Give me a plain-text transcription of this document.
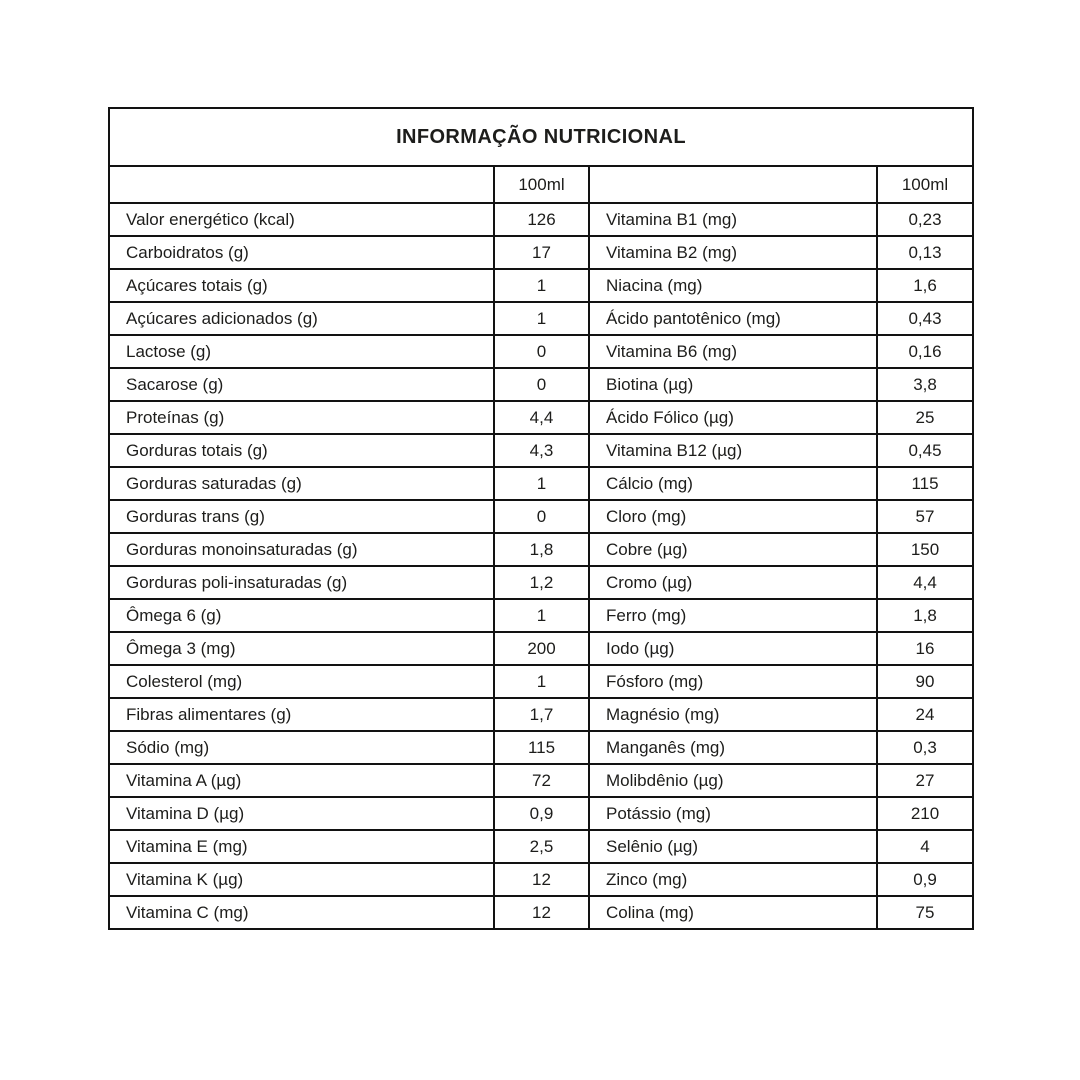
INFORMAÇÃO NUTRICIONAL			
	100ml		100ml
Valor energético (kcal)	126	Vitamina B1 (mg)	0,23
Carboidratos (g)	17	Vitamina B2 (mg)	0,13
Açúcares totais (g)	1	Niacina (mg)	1,6
Açúcares adicionados (g)	1	Ácido pantotênico (mg)	0,43
Lactose (g)	0	Vitamina B6 (mg)	0,16
Sacarose (g)	0	Biotina (µg)	3,8
Proteínas (g)	4,4	Ácido Fólico (µg)	25
Gorduras totais (g)	4,3	Vitamina B12 (µg)	0,45
Gorduras saturadas (g)	1	Cálcio (mg)	115
Gorduras trans (g)	0	Cloro (mg)	57
Gorduras monoinsaturadas (g)	1,8	Cobre (µg)	150
Gorduras poli-insaturadas (g)	1,2	Cromo (µg)	4,4
Ômega 6 (g)	1	Ferro (mg)	1,8
Ômega 3 (mg)	200	Iodo (µg)	16
Colesterol (mg)	1	Fósforo (mg)	90
Fibras alimentares (g)	1,7	Magnésio (mg)	24
Sódio (mg)	115	Manganês (mg)	0,3
Vitamina A (µg)	72	Molibdênio (µg)	27
Vitamina D (µg)	0,9	Potássio (mg)	210
Vitamina E (mg)	2,5	Selênio (µg)	4
Vitamina K (µg)	12	Zinco (mg)	0,9
Vitamina C (mg)	12	Colina (mg)	75
